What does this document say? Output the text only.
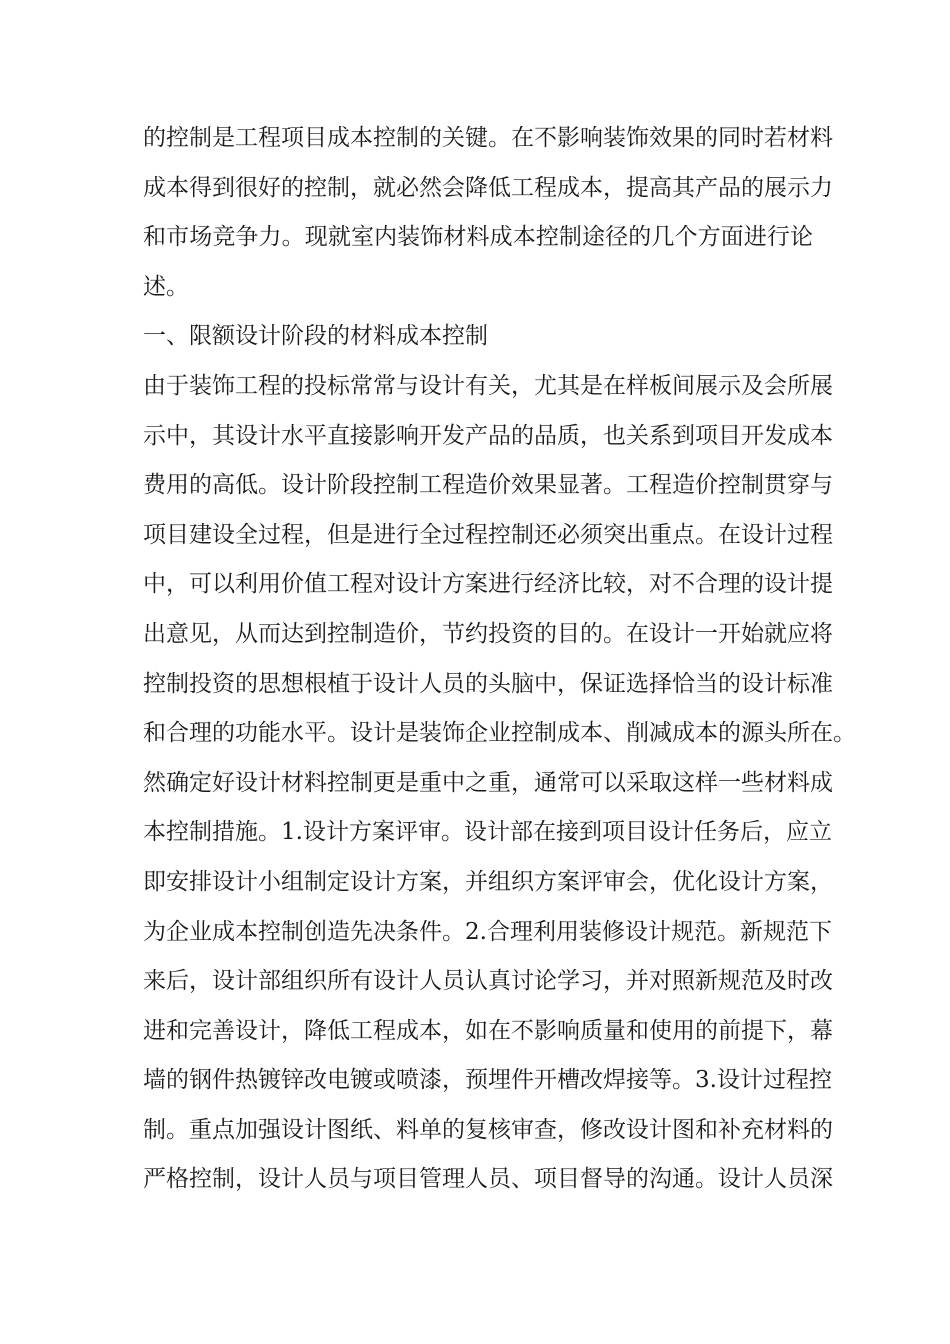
的控制是工程项目成本控制的关键。在不影响装饰效果的同时若材料
成本得到很好的控制，就必然会降低工程成本，提高其产品的展示力
和市场竞争力。现就室内装饰材料成本控制途径的几个方面进行论
述。
一、限额设计阶段的材料成本控制
由于装饰工程的投标常常与设计有关，尤其是在样板间展示及会所展
示中，其设计水平直接影响开发产品的品质，也关系到项目开发成本
费用的高低。设计阶段控制工程造价效果显著。工程造价控制贯穿与
项目建设全过程，但是进行全过程控制还必须突出重点。在设计过程
中，可以利用价值工程对设计方案进行经济比较，对不合理的设计提
出意见，从而达到控制造价，节约投资的目的。在设计一开始就应将
控制投资的思想根植于设计人员的头脑中，保证选择恰当的设计标准
和合理的功能水平。设计是装饰企业控制成本、削减成本的源头所在。
然确定好设计材料控制更是重中之重，通常可以采取这样一些材料成
本控制措施。1.设计方案评审。设计部在接到项目设计任务后，应立
即安排设计小组制定设计方案，并组织方案评审会，优化设计方案，
为企业成本控制创造先决条件。2.合理利用装修设计规范。新规范下
来后，设计部组织所有设计人员认真讨论学习，并对照新规范及时改
进和完善设计，降低工程成本，如在不影响质量和使用的前提下，幕
墙的钢件热镀锌改电镀或喷漆，预埋件开槽改焊接等。3.设计过程控
制。重点加强设计图纸、料单的复核审查，修改设计图和补充材料的
严格控制，设计人员与项目管理人员、项目督导的沟通。设计人员深
